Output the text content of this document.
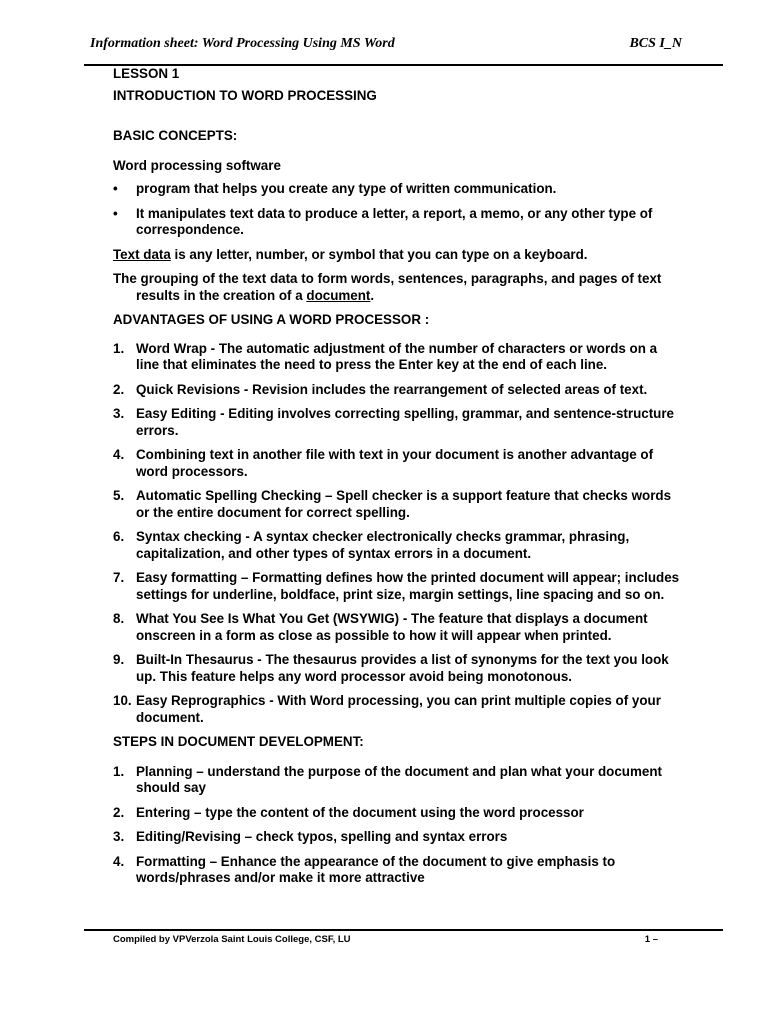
Information sheet: Word Processing Using MS Word	BCS I_N

LESSON 1

INTRODUCTION TO WORD PROCESSING

BASIC CONCEPTS:

Word processing software

• program that helps you create any type of written communication.
• It manipulates text data to produce a letter, a report, a memo, or any other type of correspondence.

Text data is any letter, number, or symbol that you can type on a keyboard.

The grouping of the text data to form words, sentences, paragraphs, and pages of text results in the creation of a document.

ADVANTAGES OF USING A WORD PROCESSOR :

1. Word Wrap - The automatic adjustment of the number of characters or words on a line that eliminates the need to press the Enter key at the end of each line.
2. Quick Revisions - Revision includes the rearrangement of selected areas of text.
3. Easy Editing - Editing involves correcting spelling, grammar, and sentence-structure errors.
4. Combining text in another file with text in your document is another advantage of word processors.
5. Automatic Spelling Checking – Spell checker is a support feature that checks words or the entire document for correct spelling.
6. Syntax checking - A syntax checker electronically checks grammar, phrasing, capitalization, and other types of syntax errors in a document.
7. Easy formatting – Formatting defines how the printed document will appear; includes settings for underline, boldface, print size, margin settings, line spacing and so on.
8. What You See Is What You Get (WSYWIG) - The feature that displays a document onscreen in a form as close as possible to how it will appear when printed.
9. Built-In Thesaurus - The thesaurus provides a list of synonyms for the text you look up. This feature helps any word processor avoid being monotonous.
10. Easy Reprographics - With Word processing, you can print multiple copies of your document.

STEPS IN DOCUMENT DEVELOPMENT:

1. Planning – understand the purpose of the document and plan what your document should say
2. Entering – type the content of the document using the word processor
3. Editing/Revising – check typos, spelling and syntax errors
4. Formatting – Enhance the appearance of the document to give emphasis to words/phrases and/or make it more attractive
Compiled by VPVerzola Saint Louis College, CSF, LU	1 –
